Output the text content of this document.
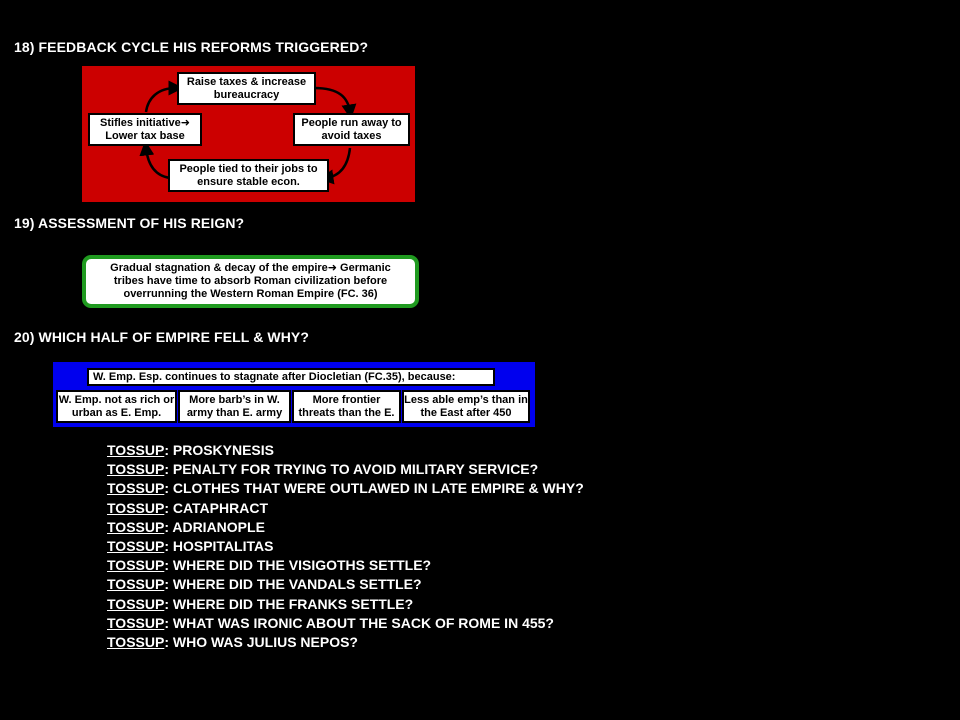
18) FEEDBACK CYCLE HIS REFORMS TRIGGERED?
Raise taxes & increase bureaucracy
People run away to avoid taxes
People tied to their jobs to ensure stable econ.
Stifles initiative➜
Lower tax base
19) ASSESSMENT OF HIS REIGN?
Gradual stagnation & decay of the empire➜ Germanic tribes have time to absorb Roman civilization before overrunning the Western Roman Empire (FC. 36)
20) WHICH HALF OF EMPIRE FELL & WHY?
W. Emp. Esp. continues to stagnate after Diocletian (FC.35), because:
W. Emp. not as rich or urban as E. Emp.
More barb’s in W. army than E. army
More frontier threats than the E.
Less able emp’s than in the East after 450
TOSSUP: PROSKYNESIS
TOSSUP: PENALTY FOR TRYING TO AVOID MILITARY SERVICE?
TOSSUP: CLOTHES THAT WERE OUTLAWED IN LATE EMPIRE & WHY?
TOSSUP: CATAPHRACT
TOSSUP: ADRIANOPLE
TOSSUP: HOSPITALITAS
TOSSUP: WHERE DID THE VISIGOTHS SETTLE?
TOSSUP: WHERE DID THE VANDALS SETTLE?
TOSSUP: WHERE DID THE FRANKS SETTLE?
TOSSUP: WHAT WAS IRONIC ABOUT THE SACK OF ROME IN 455?
TOSSUP: WHO WAS JULIUS NEPOS?
